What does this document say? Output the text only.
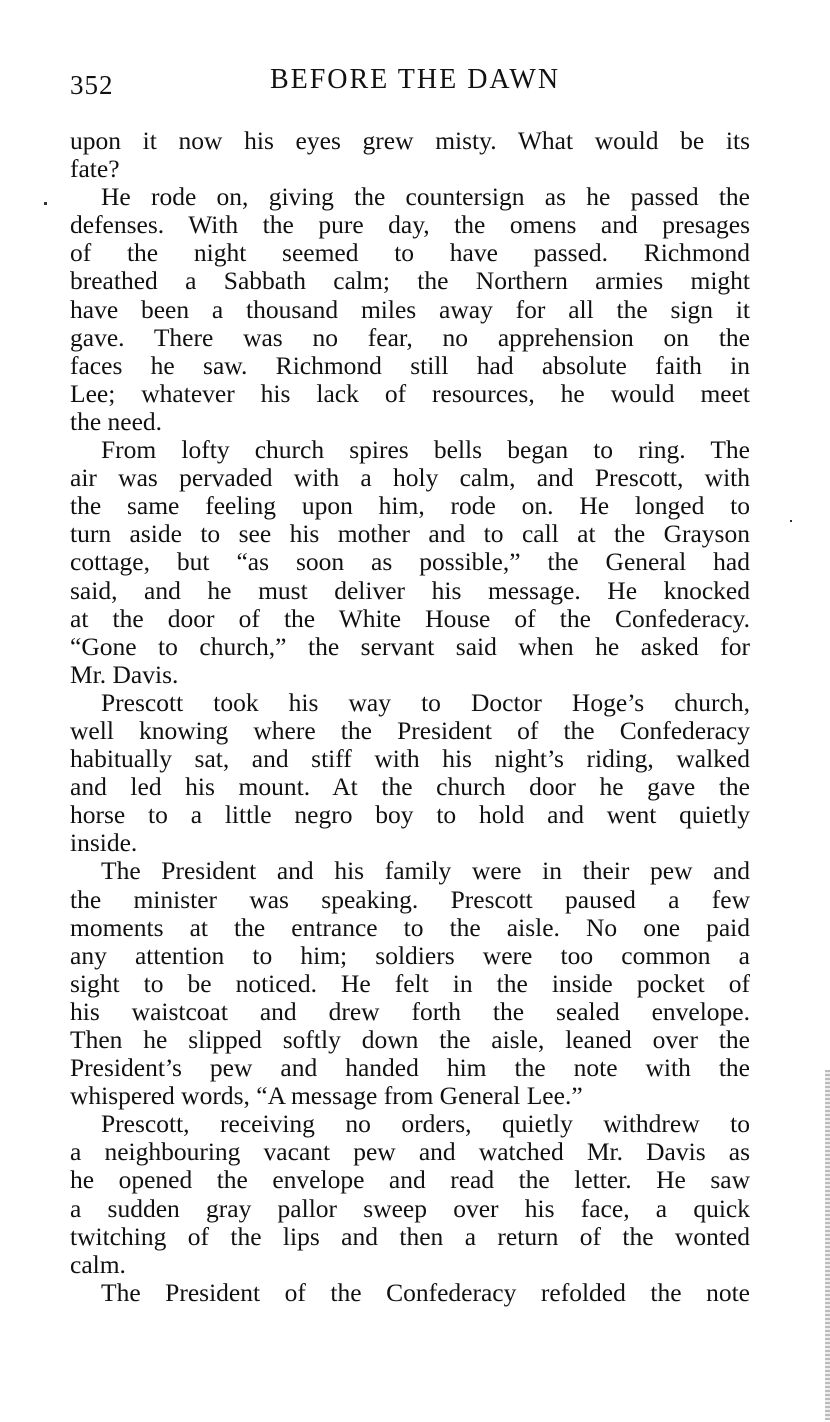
352	BEFORE THE DAWN
upon it now his eyes grew misty. What would be its
fate?
He rode on, giving the countersign as he passed the
defenses. With the pure day, the omens and presages
of the night seemed to have passed. Richmond
breathed a Sabbath calm; the Northern armies might
have been a thousand miles away for all the sign it
gave. There was no fear, no apprehension on the
faces he saw. Richmond still had absolute faith in
Lee; whatever his lack of resources, he would meet
the need.
From lofty church spires bells began to ring. The
air was pervaded with a holy calm, and Prescott, with
the same feeling upon him, rode on. He longed to
turn aside to see his mother and to call at the Grayson
cottage, but “as soon as possible,” the General had
said, and he must deliver his message. He knocked
at the door of the White House of the Confederacy.
“Gone to church,” the servant said when he asked for
Mr. Davis.
Prescott took his way to Doctor Hoge’s church,
well knowing where the President of the Confederacy
habitually sat, and stiff with his night’s riding, walked
and led his mount. At the church door he gave the
horse to a little negro boy to hold and went quietly
inside.
The President and his family were in their pew and
the minister was speaking. Prescott paused a few
moments at the entrance to the aisle. No one paid
any attention to him; soldiers were too common a
sight to be noticed. He felt in the inside pocket of
his waistcoat and drew forth the sealed envelope.
Then he slipped softly down the aisle, leaned over the
President’s pew and handed him the note with the
whispered words, “A message from General Lee.”
Prescott, receiving no orders, quietly withdrew to
a neighbouring vacant pew and watched Mr. Davis as
he opened the envelope and read the letter. He saw
a sudden gray pallor sweep over his face, a quick
twitching of the lips and then a return of the wonted
calm.
The President of the Confederacy refolded the note
